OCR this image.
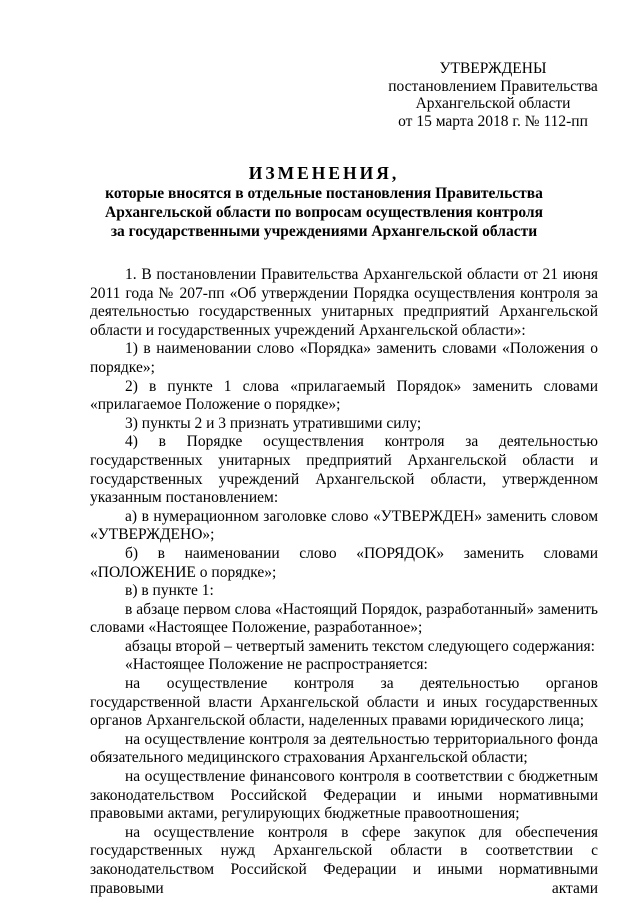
УТВЕРЖДЕНЫ
постановлением Правительства
Архангельской области
от 15 марта 2018 г. № 112-пп
ИЗМЕНЕНИЯ,
которые вносятся в отдельные постановления Правительства
Архангельской области по вопросам осуществления контроля
за государственными учреждениями Архангельской области

1. В постановлении Правительства Архангельской области от 21 июня 2011 года № 207-пп «Об утверждении Порядка осуществления контроля за деятельностью государственных унитарных предприятий Архангельской области и государственных учреждений Архангельской области»:

1) в наименовании слово «Порядка» заменить словами «Положения о порядке»;

2) в пункте 1 слова «прилагаемый Порядок» заменить словами «прилагаемое Положение о порядке»;

3) пункты 2 и 3 признать утратившими силу;

4) в Порядке осуществления контроля за деятельностью государственных унитарных предприятий Архангельской области и государственных учреждений Архангельской области, утвержденном указанным постановлением:

а) в нумерационном заголовке слово «УТВЕРЖДЕН» заменить словом «УТВЕРЖДЕНО»;

б) в наименовании слово «ПОРЯДОК» заменить словами «ПОЛОЖЕНИЕ о порядке»;

в) в пункте 1:

в абзаце первом слова «Настоящий Порядок, разработанный» заменить словами «Настоящее Положение, разработанное»;

абзацы второй – четвертый заменить текстом следующего содержания:

«Настоящее Положение не распространяется:

на осуществление контроля за деятельностью органов государственной власти Архангельской области и иных государственных органов Архангельской области, наделенных правами юридического лица;

на осуществление контроля за деятельностью территориального фонда обязательного медицинского страхования Архангельской области;

на осуществление финансового контроля в соответствии с бюджетным законодательством Российской Федерации и иными нормативными правовыми актами, регулирующих бюджетные правоотношения;

на осуществление контроля в сфере закупок для обеспечения государственных нужд Архангельской области в соответствии с законодательством Российской Федерации и иными нормативными правовыми актами
